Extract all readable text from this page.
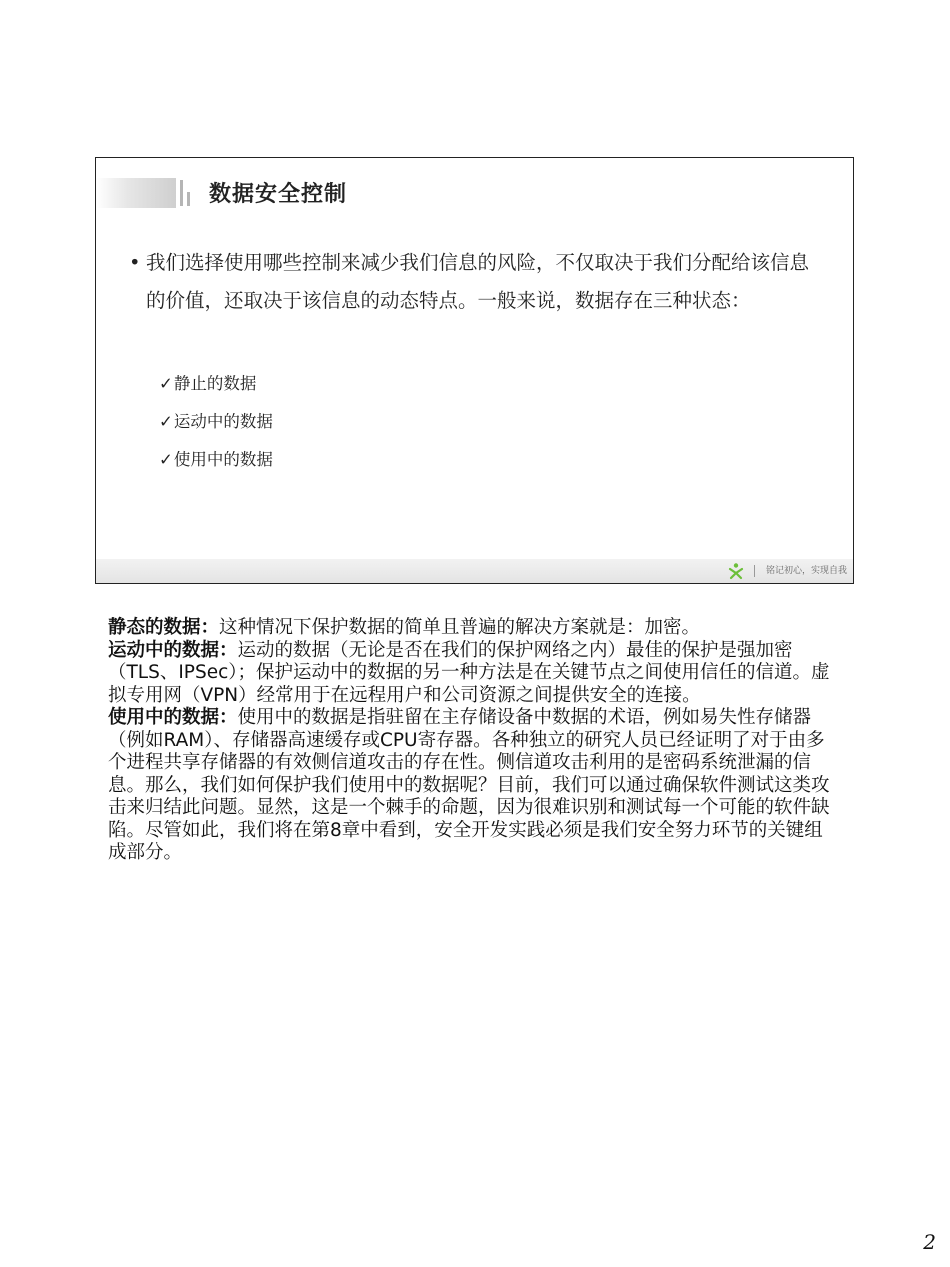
数据安全控制
• 我们选择使用哪些控制来减少我们信息的风险，不仅取决于我们分配给该信息的价值，还取决于该信息的动态特点。一般来说，数据存在三种状态：
✓静止的数据
✓运动中的数据
✓使用中的数据
铭记初心，实现自我

静态的数据：这种情况下保护数据的简单且普遍的解决方案就是：加密。

运动中的数据：运动的数据（无论是否在我们的保护网络之内）最佳的保护是强加密（TLS、IPSec）；保护运动中的数据的另一种方法是在关键节点之间使用信任的信道。虚拟专用网（VPN）经常用于在远程用户和公司资源之间提供安全的连接。

使用中的数据：使用中的数据是指驻留在主存储设备中数据的术语，例如易失性存储器（例如RAM）、存储器高速缓存或CPU寄存器。各种独立的研究人员已经证明了对于由多个进程共享存储器的有效侧信道攻击的存在性。侧信道攻击利用的是密码系统泄漏的信息。那么，我们如何保护我们使用中的数据呢？目前，我们可以通过确保软件测试这类攻击来归结此问题。显然，这是一个棘手的命题，因为很难识别和测试每一个可能的软件缺陷。尽管如此，我们将在第8章中看到，安全开发实践必须是我们安全努力环节的关键组成部分。

2
